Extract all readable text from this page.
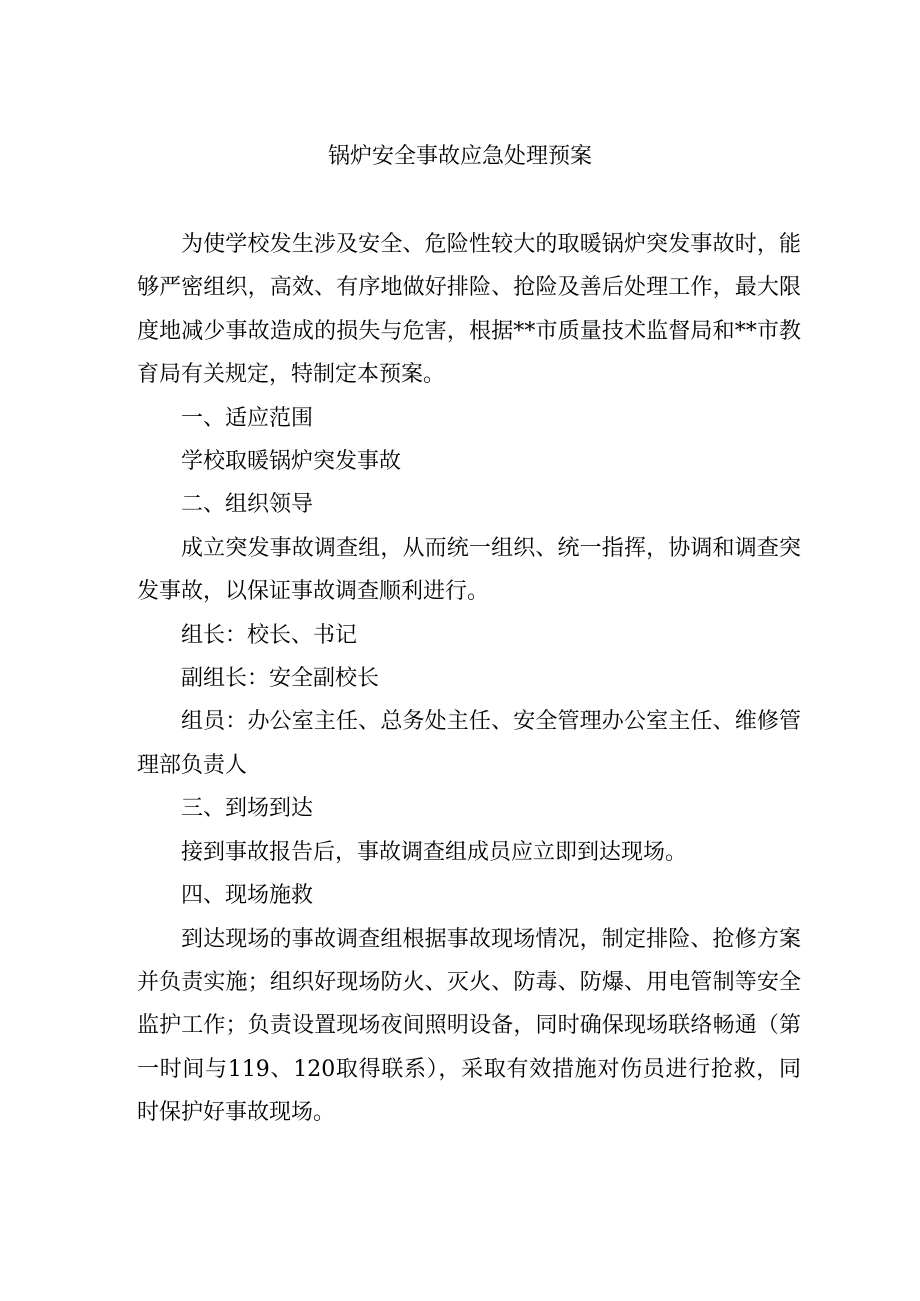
锅炉安全事故应急处理预案

为使学校发生涉及安全、危险性较大的取暖锅炉突发事故时，能够严密组织，高效、有序地做好排险、抢险及善后处理工作，最大限度地减少事故造成的损失与危害，根据**市质量技术监督局和**市教育局有关规定，特制定本预案。

一、适应范围

学校取暖锅炉突发事故

二、组织领导

成立突发事故调查组，从而统一组织、统一指挥，协调和调查突发事故，以保证事故调查顺利进行。

组长：校长、书记

副组长：安全副校长

组员：办公室主任、总务处主任、安全管理办公室主任、维修管理部负责人

三、到场到达

接到事故报告后，事故调查组成员应立即到达现场。

四、现场施救

到达现场的事故调查组根据事故现场情况，制定排险、抢修方案并负责实施；组织好现场防火、灭火、防毒、防爆、用电管制等安全监护工作；负责设置现场夜间照明设备，同时确保现场联络畅通（第一时间与119、120取得联系），采取有效措施对伤员进行抢救，同时保护好事故现场。
